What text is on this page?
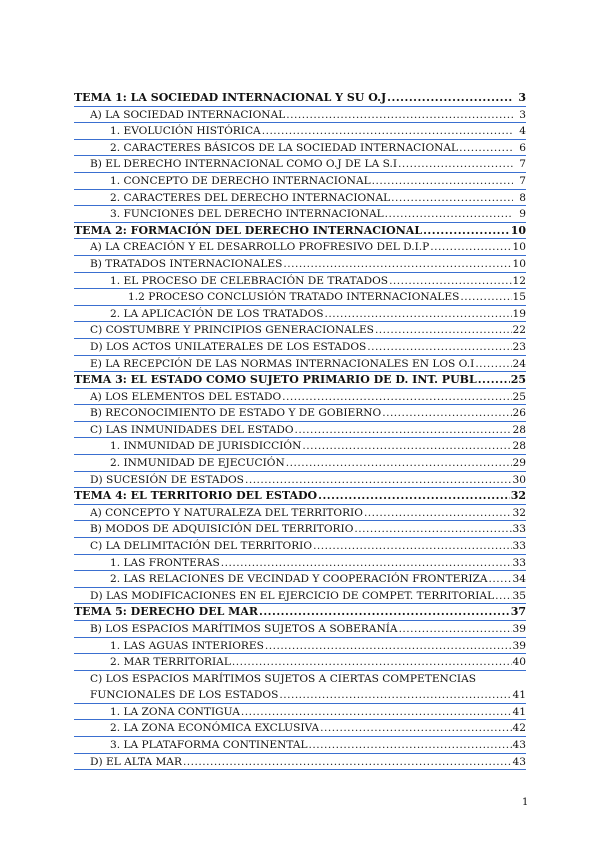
TEMA 1: LA SOCIEDAD INTERNACIONAL Y SU O.J .....	3
A) LA SOCIEDAD INTERNACIONAL .....	3
1. EVOLUCIÓN HISTÓRICA .....	4
2. CARACTERES BÁSICOS DE LA SOCIEDAD INTERNACIONAL .....	6
B) EL DERECHO INTERNACIONAL COMO O.J DE LA S.I .....	7
1. CONCEPTO DE DERECHO INTERNACIONAL .....	7
2. CARACTERES DEL DERECHO INTERNACIONAL .....	8
3. FUNCIONES DEL DERECHO INTERNACIONAL .....	9
TEMA 2: FORMACIÓN DEL DERECHO INTERNACIONAL .....	10
A) LA CREACIÓN Y EL DESARROLLO PROFRESIVO DEL D.I.P .....	10
B) TRATADOS INTERNACIONALES .....	10
1. EL PROCESO DE CELEBRACIÓN DE TRATADOS .....	12
1.2 PROCESO CONCLUSIÓN TRATADO INTERNACIONALES .....	15
2. LA APLICACIÓN DE LOS TRATADOS .....	19
C) COSTUMBRE Y PRINCIPIOS GENERACIONALES .....	22
D) LOS ACTOS UNILATERALES DE LOS ESTADOS .....	23
E) LA RECEPCIÓN DE LAS NORMAS INTERNACIONALES EN LOS O.I .....	24
TEMA 3: EL ESTADO COMO SUJETO PRIMARIO DE D. INT. PUBL .....	25
A) LOS ELEMENTOS DEL ESTADO .....	25
B) RECONOCIMIENTO DE ESTADO Y DE GOBIERNO .....	26
C) LAS INMUNIDADES DEL ESTADO .....	28
1. INMUNIDAD DE JURISDICCIÓN .....	28
2. INMUNIDAD DE EJECUCIÓN .....	29
D) SUCESIÓN DE ESTADOS .....	30
TEMA 4: EL TERRITORIO DEL ESTADO .....	32
A) CONCEPTO Y NATURALEZA DEL TERRITORIO .....	32
B) MODOS DE ADQUISICIÓN DEL TERRITORIO .....	33
C) LA DELIMITACIÓN DEL TERRITORIO .....	33
1. LAS FRONTERAS .....	33
2. LAS RELACIONES DE VECINDAD Y COOPERACIÓN FRONTERIZA ..... 34
D) LAS MODIFICACIONES EN EL EJERCICIO DE COMPET. TERRITORIAL ..... 35
TEMA 5: DERECHO DEL MAR .....	37
B) LOS ESPACIOS MARÍTIMOS SUJETOS A SOBERANÍA .....	39
1. LAS AGUAS INTERIORES .....	39
2. MAR TERRITORIAL .....	40
C) LOS ESPACIOS MARÍTIMOS SUJETOS A CIERTAS COMPETENCIAS
FUNCIONALES DE LOS ESTADOS .....	41
1. LA ZONA CONTIGUA .....	41
2. LA ZONA ECONÓMICA EXCLUSIVA .....	42
3. LA PLATAFORMA CONTINENTAL .....	43
D) EL ALTA MAR .....	43
1
